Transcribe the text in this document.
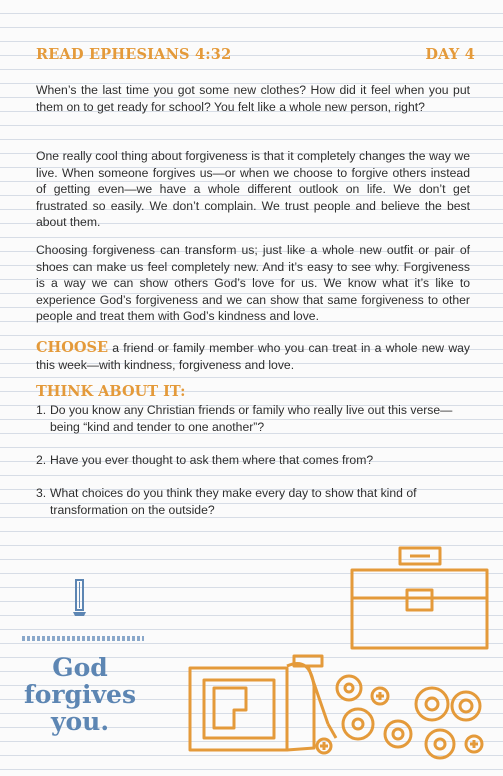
READ EPHESIANS 4:32	DAY 4

When’s the last time you got some new clothes? How did it feel when you put them on to get ready for school? You felt like a whole new person, right?

One really cool thing about forgiveness is that it completely changes the way we live. When someone forgives us—or when we choose to forgive others instead of getting even—we have a whole different outlook on life. We don’t get frustrated so easily. We don’t complain. We trust people and believe the best about them.

Choosing forgiveness can transform us; just like a whole new outfit or pair of shoes can make us feel completely new. And it’s easy to see why. Forgiveness is a way we can show others God’s love for us. We know what it’s like to experience God’s forgiveness and we can show that same forgiveness to other people and treat them with God’s kindness and love.

CHOOSE a friend or family member who you can treat in a whole new way this week—with kindness, forgiveness and love.

THINK ABOUT IT:
1. Do you know any Christian friends or family who really live out this verse—being “kind and tender to one another”?
2. Have you ever thought to ask them where that comes from?
3. What choices do you think they make every day to show that kind of transformation on the outside?
God
forgives
you.
